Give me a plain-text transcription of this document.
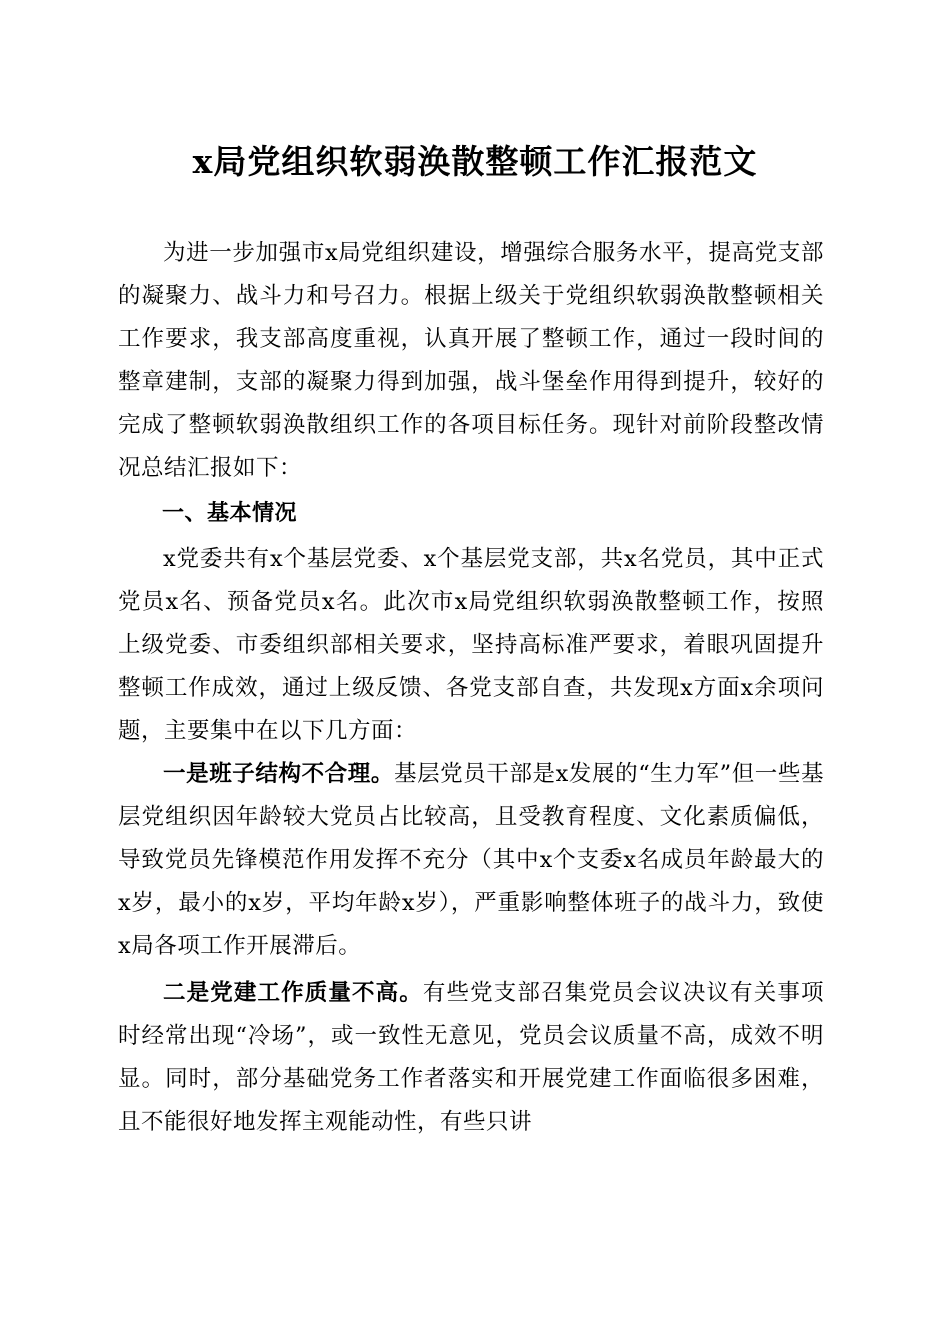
x局党组织软弱涣散整顿工作汇报范文

为进一步加强市x局党组织建设，增强综合服务水平，提高党支部的凝聚力、战斗力和号召力。根据上级关于党组织软弱涣散整顿相关工作要求，我支部高度重视，认真开展了整顿工作，通过一段时间的整章建制，支部的凝聚力得到加强，战斗堡垒作用得到提升，较好的完成了整顿软弱涣散组织工作的各项目标任务。现针对前阶段整改情况总结汇报如下：

一、基本情况

x党委共有x个基层党委、x个基层党支部，共x名党员，其中正式党员x名、预备党员x名。此次市x局党组织软弱涣散整顿工作，按照上级党委、市委组织部相关要求，坚持高标准严要求，着眼巩固提升整顿工作成效，通过上级反馈、各党支部自查，共发现x方面x余项问题，主要集中在以下几方面：

一是班子结构不合理。基层党员干部是x发展的“生力军”但一些基层党组织因年龄较大党员占比较高，且受教育程度、文化素质偏低，导致党员先锋模范作用发挥不充分（其中x个支委x名成员年龄最大的x岁，最小的x岁，平均年龄x岁），严重影响整体班子的战斗力，致使x局各项工作开展滞后。

二是党建工作质量不高。有些党支部召集党员会议决议有关事项时经常出现“冷场”，或一致性无意见，党员会议质量不高，成效不明显。同时，部分基础党务工作者落实和开展党建工作面临很多困难，且不能很好地发挥主观能动性，有些只讲
